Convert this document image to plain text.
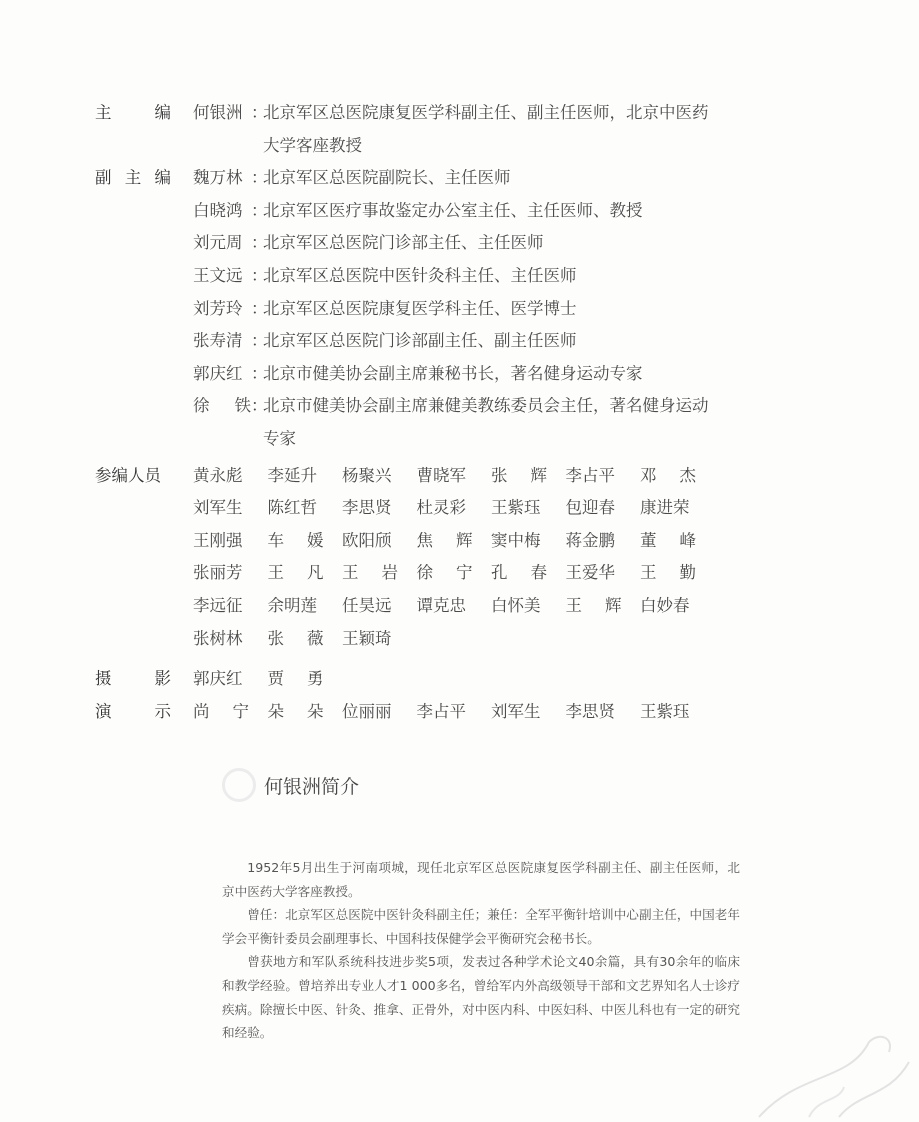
主	编 何银洲 ：
北京军区总医院康复医学科副主任、副主任医师，北京中医药大学客座教授
副 主 编 魏万林 ：
北京军区总医院副院长、主任医师
白晓鸿 ：
北京军区医疗事故鉴定办公室主任、主任医师、教授
刘元周 ：
北京军区总医院门诊部主任、主任医师
王文远 ：
北京军区总医院中医针灸科主任、主任医师
刘芳玲 ：
北京军区总医院康复医学科主任、医学博士
张寿清 ：
北京军区总医院门诊部副主任、副主任医师
郭庆红 ：
北京市健美协会副主席兼秘书长，著名健身运动专家
徐 铁 ：
北京市健美协会副主席兼健美教练委员会主任，著名健身运动专家
参编人员 黄永彪 李延升 杨聚兴 曹晓军 张 辉 李占平 邓 杰
刘军生 陈红哲 李思贤 杜灵彩 王紫珏 包迎春 康进荣
王刚强 车 媛 欧阳颀 焦 辉 窦中梅 蒋金鹏 董 峰
张丽芳 王 凡 王 岩 徐 宁 孔 春 王爱华 王 勤
李远征 余明莲 任昊远 谭克忠 白怀美 王 辉 白妙春
张树林 张 薇 王颖琦
摄	影 郭庆红 贾 勇
演	示 尚 宁 朵 朵 位丽丽 李占平 刘军生 李思贤 王紫珏
何银洲简介

1952年5月出生于河南项城，现任北京军区总医院康复医学科副主任、副主任医师，北京中医药大学客座教授。

曾任：北京军区总医院中医针灸科副主任；兼任：全军平衡针培训中心副主任，中国老年学会平衡针委员会副理事长、中国科技保健学会平衡研究会秘书长。

曾获地方和军队系统科技进步奖5项，发表过各种学术论文40余篇，具有30余年的临床和教学经验。曾培养出专业人才1 000多名，曾给军内外高级领导干部和文艺界知名人士诊疗疾病。除擅长中医、针灸、推拿、正骨外，对中医内科、中医妇科、中医儿科也有一定的研究和经验。
